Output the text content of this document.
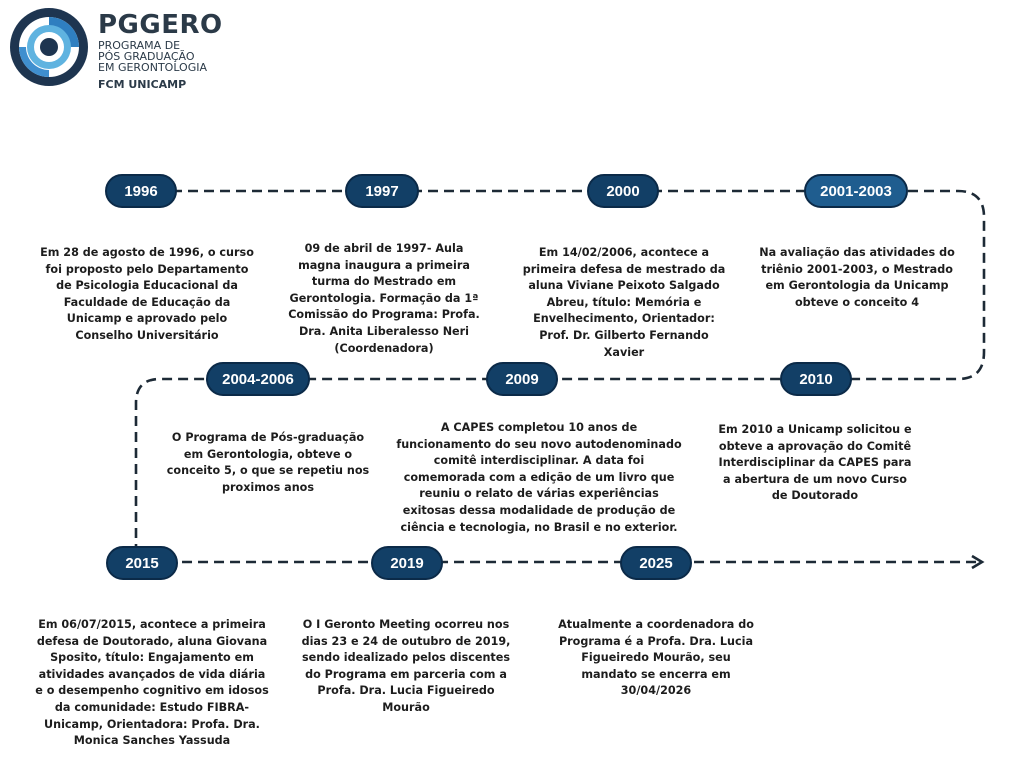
PGGERO
PROGRAMA DE
PÓS GRADUAÇÃO
EM GERONTOLOGIA
FCM UNICAMP
1996	1997	2000	2001-2003
Em 28 de agosto de 1996, o curso foi proposto pelo Departamento de Psicologia Educacional da Faculdade de Educação da Unicamp e aprovado pelo Conselho Universitário
09 de abril de 1997- Aula magna inaugura a primeira turma do Mestrado em Gerontologia. Formação da 1ª Comissão do Programa: Profa. Dra. Anita Liberalesso Neri (Coordenadora)
Em 14/02/2006, acontece a primeira defesa de mestrado da aluna Viviane Peixoto Salgado Abreu, título: Memória e Envelhecimento, Orientador: Prof. Dr. Gilberto Fernando Xavier
Na avaliação das atividades do triênio 2001-2003, o Mestrado em Gerontologia da Unicamp obteve o conceito 4
2004-2006	2009	2010
O Programa de Pós-graduação em Gerontologia, obteve o conceito 5, o que se repetiu nos proximos anos
A CAPES completou 10 anos de funcionamento do seu novo autodenominado comitê interdisciplinar. A data foi comemorada com a edição de um livro que reuniu o relato de várias experiências exitosas dessa modalidade de produção de ciência e tecnologia, no Brasil e no exterior.
Em 2010 a Unicamp solicitou e obteve a aprovação do Comitê Interdisciplinar da CAPES para a abertura de um novo Curso de Doutorado
2015	2019	2025
Em 06/07/2015, acontece a primeira defesa de Doutorado, aluna Giovana Sposito, título: Engajamento em atividades avançados de vida diária e o desempenho cognitivo em idosos da comunidade: Estudo FIBRA-Unicamp, Orientadora: Profa. Dra. Monica Sanches Yassuda
O I Geronto Meeting ocorreu nos dias 23 e 24 de outubro de 2019, sendo idealizado pelos discentes do Programa em parceria com a Profa. Dra. Lucia Figueiredo Mourão
Atualmente a coordenadora do Programa é a Profa. Dra. Lucia Figueiredo Mourão, seu mandato se encerra em 30/04/2026
